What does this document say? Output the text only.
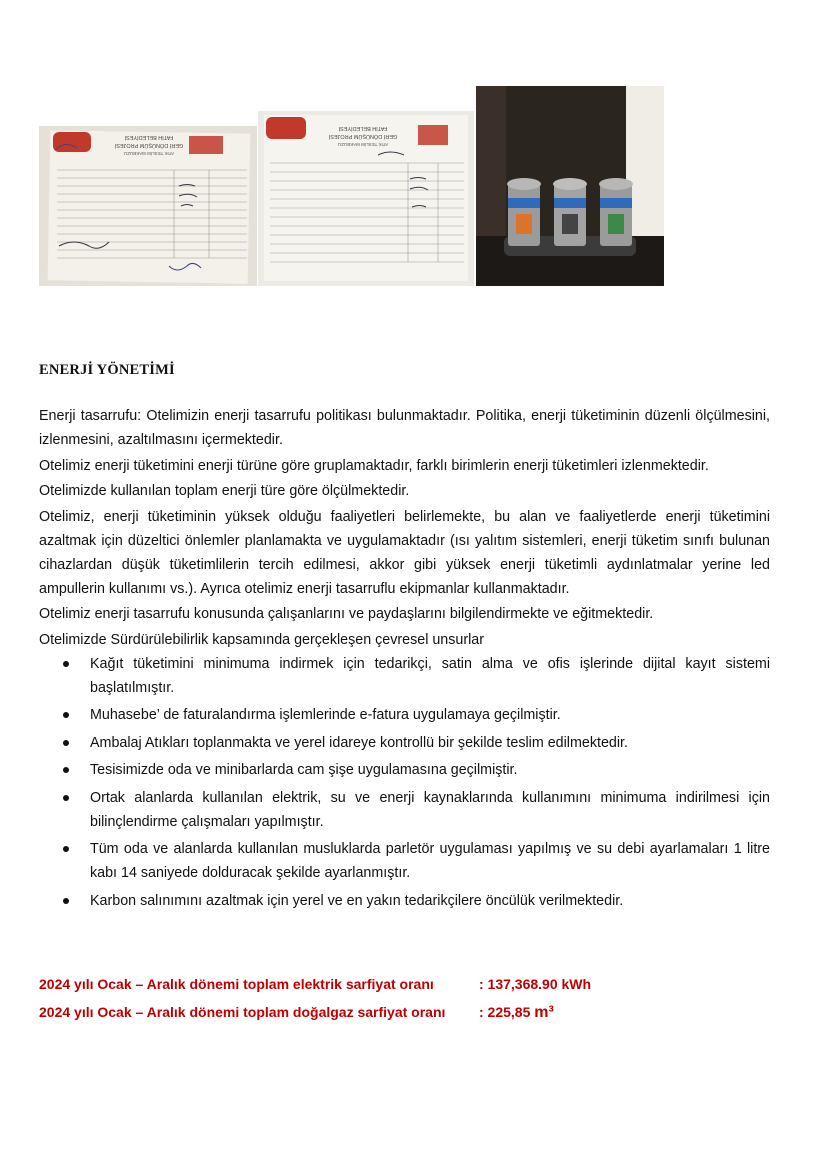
FATİH BELEDİYESİ
GERİ DÖNÜŞÜM PROJESİ
ATIK TESLİM MAKBUZU
FATİH BELEDİYESİ
GERİ DÖNÜŞÜM PROJESİ
ATIK TESLİM MAKBUZU
ENERJİ YÖNETİMİ

Enerji tasarrufu: Otelimizin enerji tasarrufu politikası bulunmaktadır. Politika, enerji tüketiminin düzenli ölçülmesini, izlenmesini, azaltılmasını içermektedir.

Otelimiz enerji tüketimini enerji türüne göre gruplamaktadır, farklı birimlerin enerji tüketimleri izlenmektedir.

Otelimizde kullanılan toplam enerji türe göre ölçülmektedir.

Otelimiz, enerji tüketiminin yüksek olduğu faaliyetleri belirlemekte, bu alan ve faaliyetlerde enerji tüketimini azaltmak için düzeltici önlemler planlamakta ve uygulamaktadır (ısı yalıtım sistemleri, enerji tüketim sınıfı bulunan cihazlardan düşük tüketimlilerin tercih edilmesi, akkor gibi yüksek enerji tüketimli aydınlatmalar yerine led ampullerin kullanımı vs.). Ayrıca otelimiz enerji tasarruflu ekipmanlar kullanmaktadır.

Otelimiz enerji tasarrufu konusunda çalışanlarını ve paydaşlarını bilgilendirmekte ve eğitmektedir.

Otelimizde Sürdürülebilirlik kapsamında gerçekleşen çevresel unsurlar

Kağıt tüketimini minimuma indirmek için tedarikçi, satin alma ve ofis işlerinde dijital kayıt sistemi başlatılmıştır.
Muhasebe’ de faturalandırma işlemlerinde e-fatura uygulamaya geçilmiştir.
Ambalaj Atıkları toplanmakta ve yerel idareye kontrollü bir şekilde teslim edilmektedir.
Tesisimizde oda ve minibarlarda cam şişe uygulamasına geçilmiştir.
Ortak alanlarda kullanılan elektrik, su ve enerji kaynaklarında kullanımını minimuma indirilmesi için bilinçlendirme çalışmaları yapılmıştır.
Tüm oda ve alanlarda kullanılan musluklarda parletör uygulaması yapılmış ve su debi ayarlamaları 1 litre kabı 14 saniyede dolduracak şekilde ayarlanmıştır.
Karbon salınımını azaltmak için yerel ve en yakın tedarikçilere öncülük verilmektedir.
2024 yılı Ocak – Aralık dönemi toplam elektrik sarfiyat oranı	: 137,368.90 kWh
2024 yılı Ocak – Aralık dönemi toplam doğalgaz sarfiyat oranı : 225,85 m³
